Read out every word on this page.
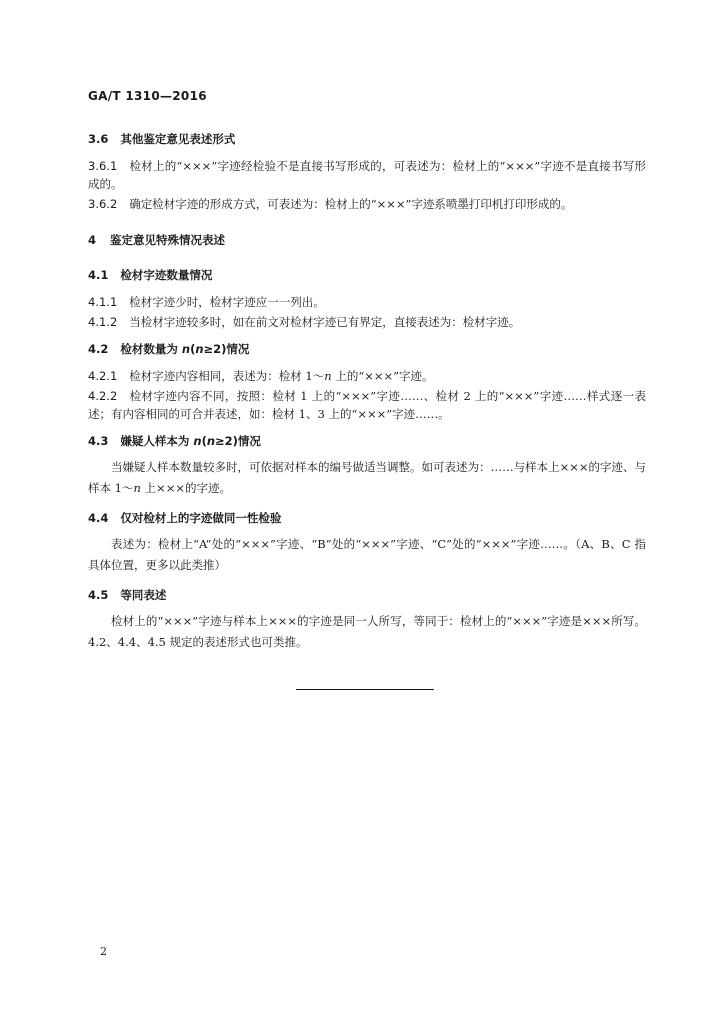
GA/T 1310—2016
3.6 其他鉴定意见表述形式
3.6.1 检材上的“×××”字迹经检验不是直接书写形成的，可表述为：检材上的“×××”字迹不是直接书写形成的。
3.6.2 确定检材字迹的形成方式，可表述为：检材上的“×××”字迹系喷墨打印机打印形成的。
4 鉴定意见特殊情况表述
4.1 检材字迹数量情况
4.1.1 检材字迹少时，检材字迹应一一列出。
4.1.2 当检材字迹较多时，如在前文对检材字迹已有界定，直接表述为：检材字迹。
4.2 检材数量为 n(n≥2)情况
4.2.1 检材字迹内容相同，表述为：检材 1～n 上的“×××”字迹。
4.2.2 检材字迹内容不同，按照：检材 1 上的“×××”字迹……、检材 2 上的“×××”字迹……样式逐一表述；有内容相同的可合并表述，如：检材 1、3 上的“×××”字迹……。
4.3 嫌疑人样本为 n(n≥2)情况
当嫌疑人样本数量较多时，可依据对样本的编号做适当调整。如可表述为：……与样本上×××的字迹、与样本 1～n 上×××的字迹。
4.4 仅对检材上的字迹做同一性检验
表述为：检材上“A”处的“×××”字迹、“B”处的“×××”字迹、“C”处的“×××”字迹……。（A、B、C 指具体位置，更多以此类推）
4.5 等同表述
检材上的“×××”字迹与样本上×××的字迹是同一人所写，等同于：检材上的“×××”字迹是×××所写。4.2、4.4、4.5 规定的表述形式也可类推。
2
